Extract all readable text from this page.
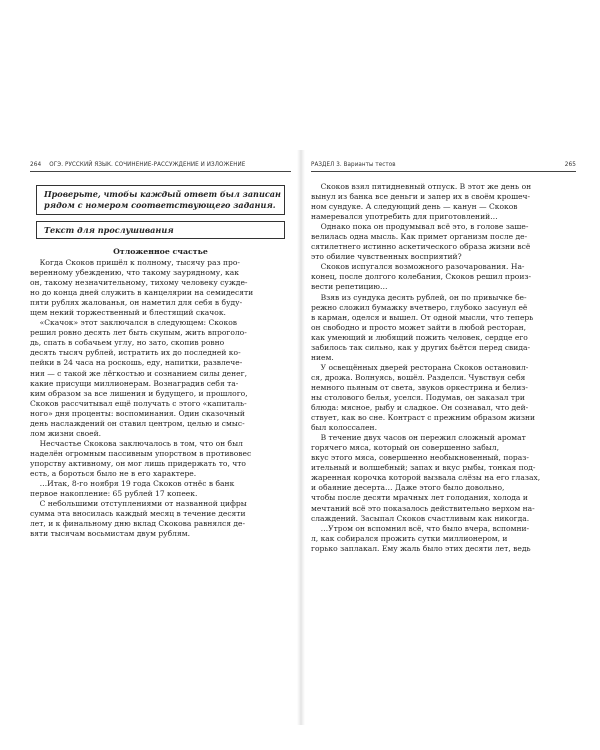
264 ОГЭ. РУССКИЙ ЯЗЫК. СОЧИНЕНИЕ-РАССУЖДЕНИЕ И ИЗЛОЖЕНИЕ
Проверьте, чтобы каждый ответ был записан
рядом с номером соответствующего задания.
Текст для прослушивания
Отложенное счастье
Когда Скоков пришёл к полному, тысячу раз про-
веренному убеждению, что такому заурядному, как
он, такому незначительному, тихому человеку сужде-
но до конца дней служить в канцелярии на семидесяти
пяти рублях жалованья, он наметил для себя в буду-
щем некий торжественный и блестящий скачок.
«Скачок» этот заключался в следующем: Скоков
решил ровно десять лет быть скупым, жить впроголо-
дь, спать в собачьем углу, но зато, скопив ровно
десять тысяч рублей, истратить их до последней ко-
пейки в 24 часа на роскошь, еду, напитки, развлече-
ния — с такой же лёгкостью и сознанием силы денег,
какие присущи миллионерам. Вознаградив себя та-
ким образом за все лишения и будущего, и прошлого,
Скоков рассчитывал ещё получать с этого «капиталь-
ного» дня проценты: воспоминания. Один сказочный
день наслаждений он ставил центром, целью и смыс-
лом жизни своей.
Несчастье Скокова заключалось в том, что он был
наделён огромным пассивным упорством в противовес
упорству активному, он мог лишь придержать то, что
есть, а бороться было не в его характере.
…Итак, 8-го ноября 19 года Скоков отнёс в банк
первое накопление: 65 рублей 17 копеек.
С небольшими отступлениями от названной цифры
сумма эта вносилась каждый месяц в течение десяти
лет, и к финальному дню вклад Скокова равнялся де-
вяти тысячам восьмистам двум рублям.
РАЗДЕЛ 3. Варианты тестов	265
Скоков взял пятидневный отпуск. В этот же день он
вынул из банка все деньги и запер их в своём крошеч-
ном сундуке. А следующий день — канун — Скоков
намеревался употребить для приготовлений…
Однако пока он продумывал всё это, в голове заше-
велилась одна мысль. Как примет организм после де-
сятилетнего истинно аскетического образа жизни всё
это обилие чувственных восприятий?
Скоков испугался возможного разочарования. На-
конец, после долгого колебания, Скоков решил произ-
вести репетицию…
Взяв из сундука десять рублей, он по привычке бе-
режно сложил бумажку вчетверо, глубоко засунул её
в карман, оделся и вышел. От одной мысли, что теперь
он свободно и просто может зайти в любой ресторан,
как умеющий и любящий пожить человек, сердце его
забилось так сильно, как у других бьётся перед свида-
нием.
У освещённых дверей ресторана Скоков остановил-
ся, дрожа. Волнуясь, вошёл. Разделся. Чувствуя себя
немного пьяным от света, звуков оркестрина и белиз-
ны столового белья, уселся. Подумав, он заказал три
блюда: мясное, рыбу и сладкое. Он сознавал, что дей-
ствует, как во сне. Контраст с прежним образом жизни
был колоссален.
В течение двух часов он пережил сложный аромат
горячего мяса, который он совершенно забыл,
вкус этого мяса, совершенно необыкновенный, пораз-
ительный и волшебный; запах и вкус рыбы, тонкая под-
жаренная корочка которой вызвала слёзы на его глазах,
и обаяние десерта… Даже этого было довольно,
чтобы после десяти мрачных лет голодания, холода и
мечтаний всё это показалось действительно верхом на-
слаждений. Засыпал Скоков счастливым как никогда.
…Утром он вспомнил всё, что было вчера, вспомни-
л, как собирался прожить сутки миллионером, и
горько заплакал. Ему жаль было этих десяти лет, ведь
